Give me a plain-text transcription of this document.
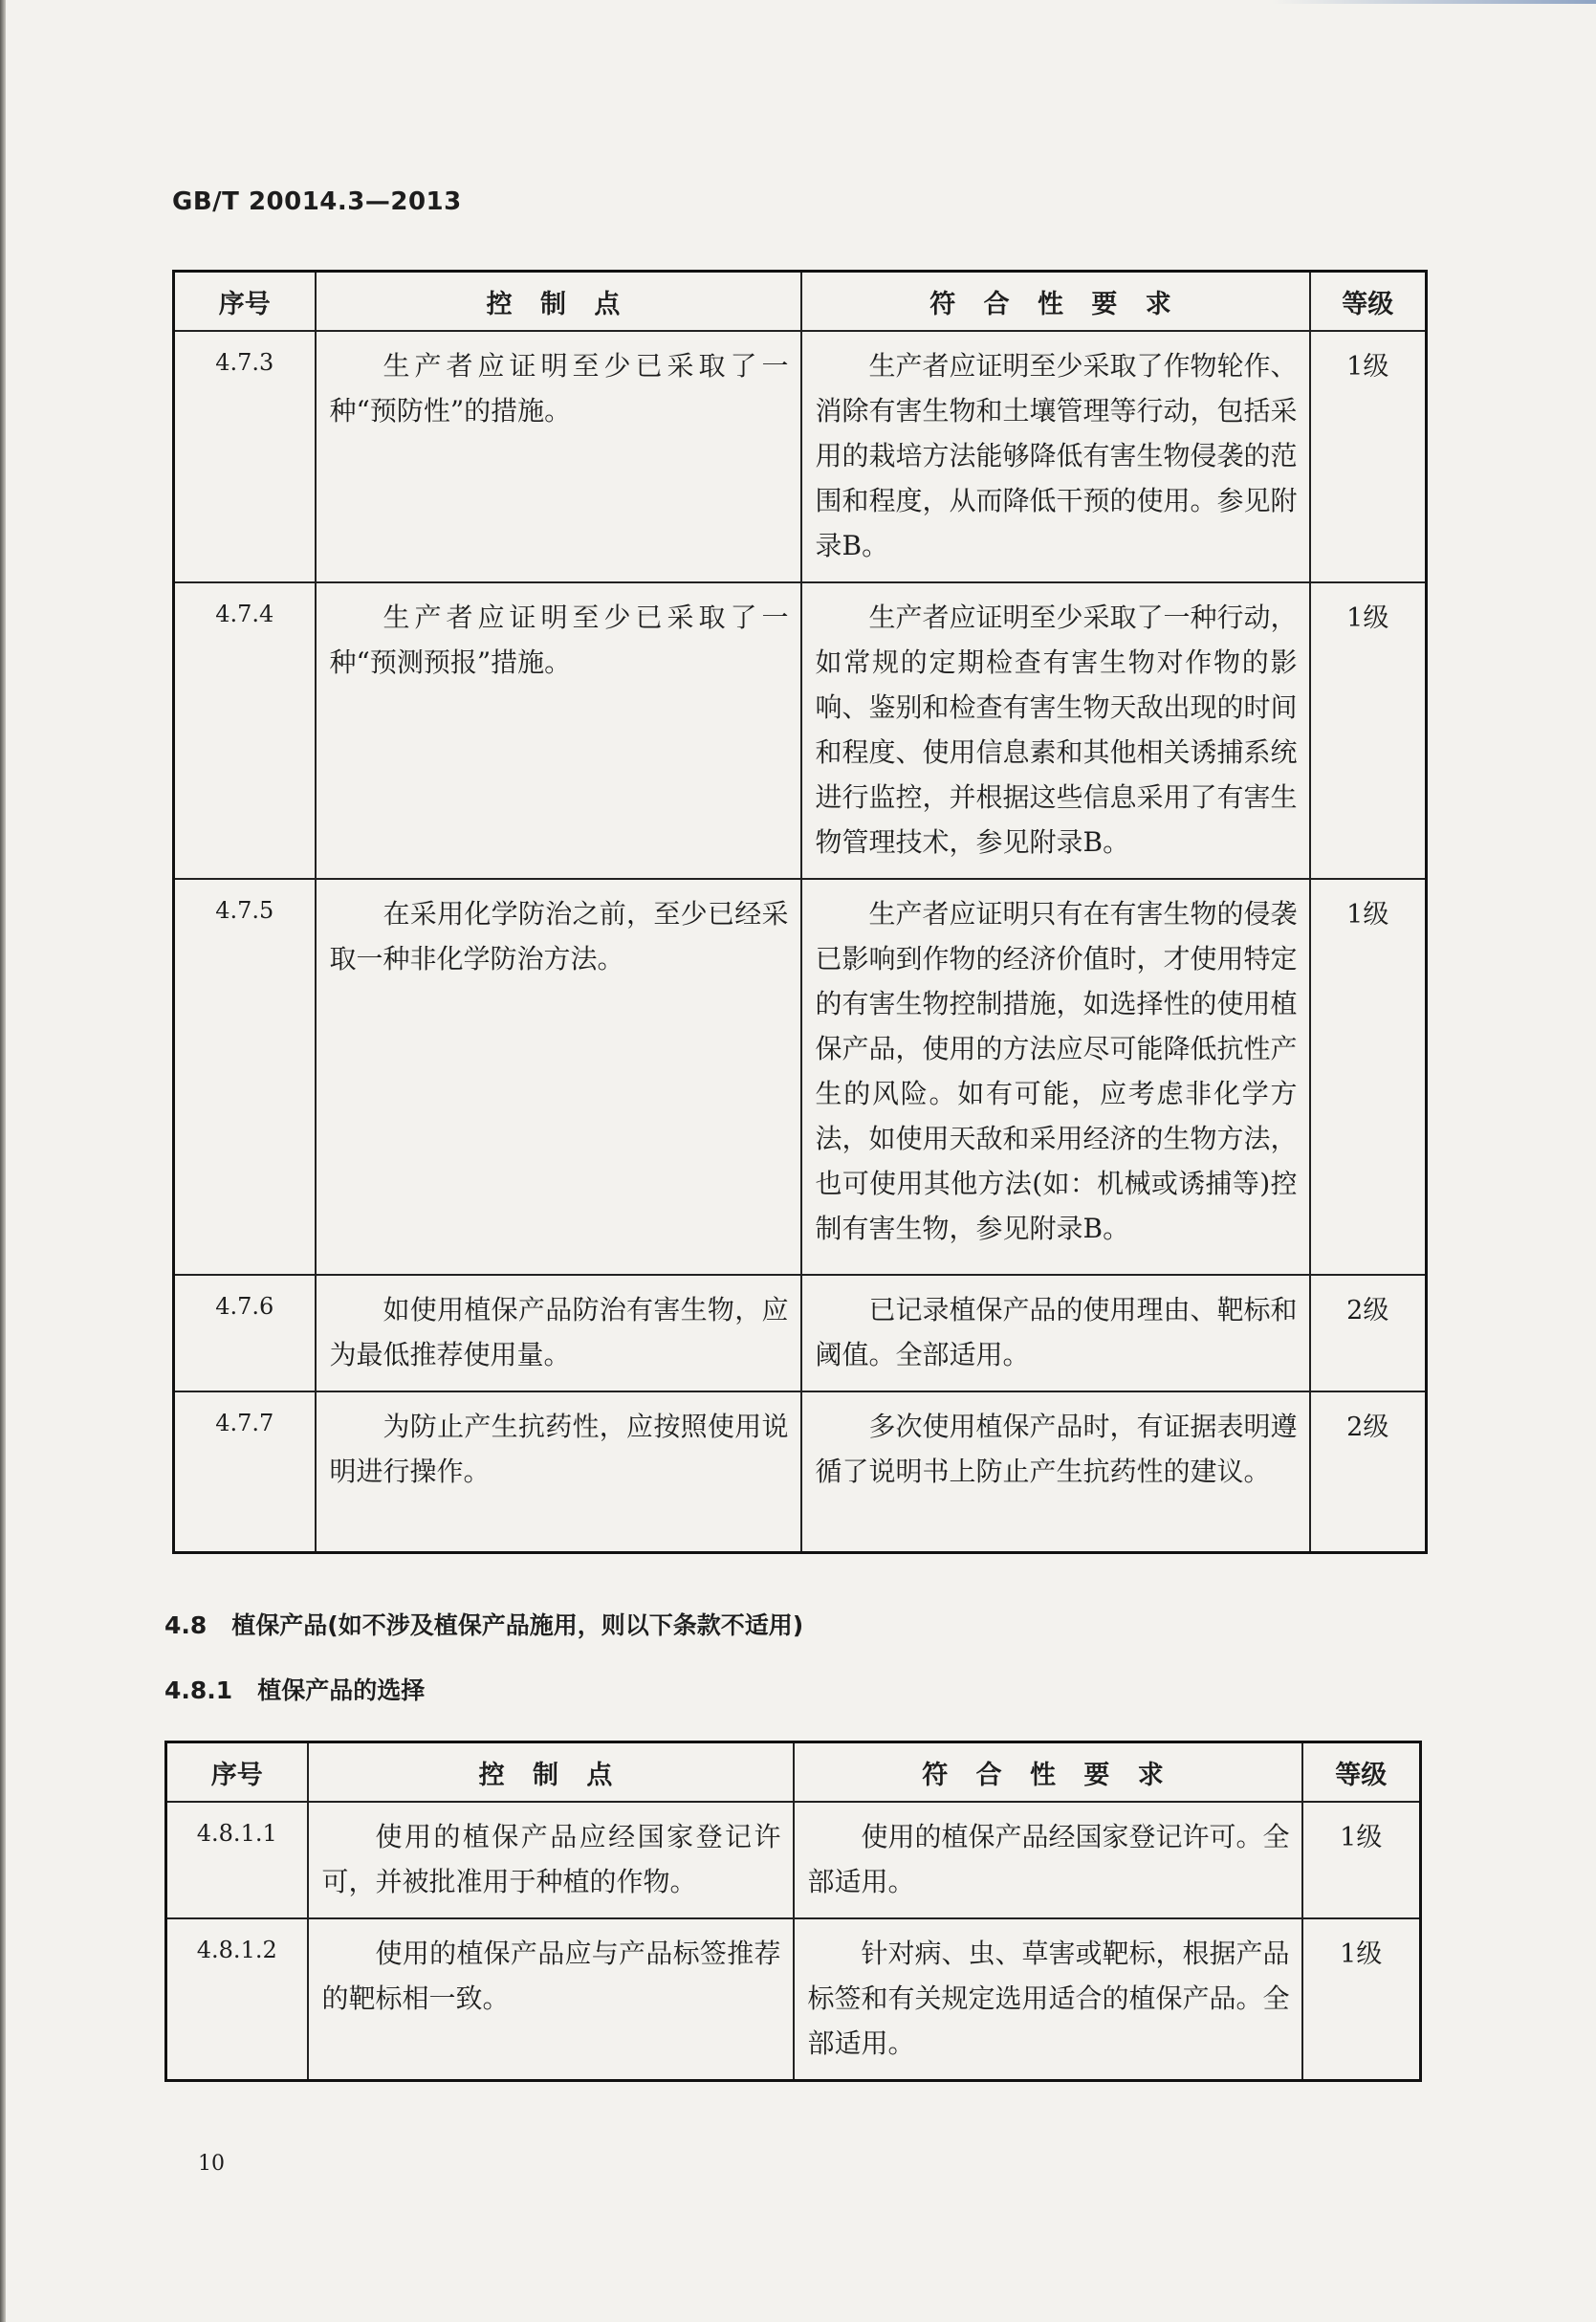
GB/T 20014.3—2013
序号	控 制 点	符 合 性 要 求	等级
4.7.3	生产者应证明至少已采取了一种“预防性”的措施。	生产者应证明至少采取了作物轮作、消除有害生物和土壤管理等行动，包括采用的栽培方法能够降低有害生物侵袭的范围和程度，从而降低干预的使用。参见附录B。	1级
4.7.4	生产者应证明至少已采取了一种“预测预报”措施。	生产者应证明至少采取了一种行动，如常规的定期检查有害生物对作物的影响、鉴别和检查有害生物天敌出现的时间和程度、使用信息素和其他相关诱捕系统进行监控，并根据这些信息采用了有害生物管理技术，参见附录B。	1级
4.7.5	在采用化学防治之前，至少已经采取一种非化学防治方法。	生产者应证明只有在有害生物的侵袭已影响到作物的经济价值时，才使用特定的有害生物控制措施，如选择性的使用植保产品，使用的方法应尽可能降低抗性产生的风险。如有可能，应考虑非化学方法，如使用天敌和采用经济的生物方法，也可使用其他方法(如：机械或诱捕等)控制有害生物，参见附录B。	1级
4.7.6	如使用植保产品防治有害生物，应为最低推荐使用量。	已记录植保产品的使用理由、靶标和阈值。全部适用。	2级
4.7.7	为防止产生抗药性，应按照使用说明进行操作。	多次使用植保产品时，有证据表明遵循了说明书上防止产生抗药性的建议。	2级
4.8 植保产品(如不涉及植保产品施用，则以下条款不适用)
4.8.1 植保产品的选择
序号	控 制 点	符 合 性 要 求	等级
4.8.1.1	使用的植保产品应经国家登记许可，并被批准用于种植的作物。	使用的植保产品经国家登记许可。全部适用。	1级
4.8.1.2	使用的植保产品应与产品标签推荐的靶标相一致。	针对病、虫、草害或靶标，根据产品标签和有关规定选用适合的植保产品。全部适用。	1级
10
